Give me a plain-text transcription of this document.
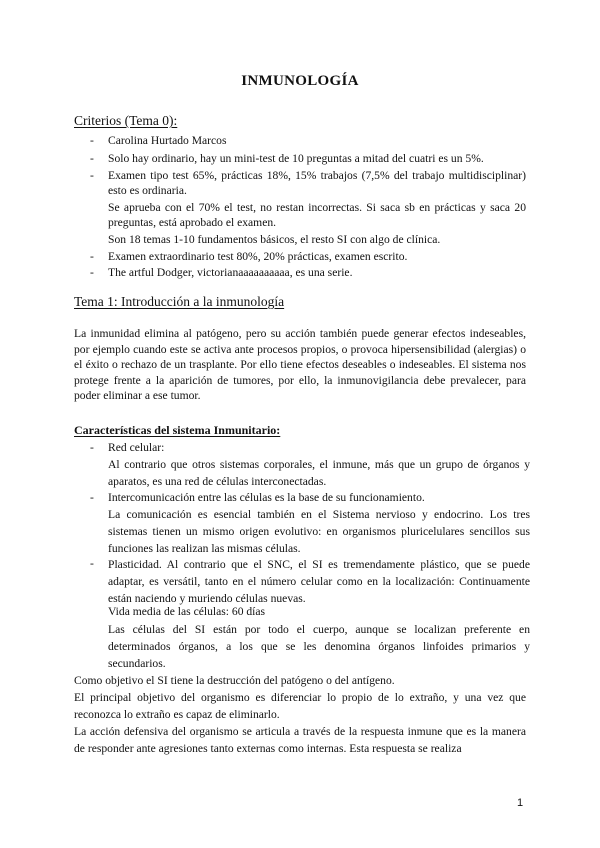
INMUNOLOGÍA
Criterios (Tema 0):
- Carolina Hurtado Marcos
- Solo hay ordinario, hay un mini-test de 10 preguntas a mitad del cuatri es un 5%.
- Examen tipo test 65%, prácticas 18%, 15% trabajos (7,5% del trabajo multidisciplinar) esto es ordinaria.
Se aprueba con el 70% el test, no restan incorrectas. Si saca sb en prácticas y saca 20 preguntas, está aprobado el examen.
Son 18 temas 1-10 fundamentos básicos, el resto SI con algo de clínica.
- Examen extraordinario test 80%, 20% prácticas, examen escrito.
- The artful Dodger, victorianaaaaaaaaaa, es una serie.
Tema 1: Introducción a la inmunología

La inmunidad elimina al patógeno, pero su acción también puede generar efectos indeseables, por ejemplo cuando este se activa ante procesos propios, o provoca hipersensibilidad (alergias) o el éxito o rechazo de un trasplante. Por ello tiene efectos deseables o indeseables. El sistema nos protege frente a la aparición de tumores, por ello, la inmunovigilancia debe prevalecer, para poder eliminar a ese tumor.

Características del sistema Inmunitario:
- Red celular:
Al contrario que otros sistemas corporales, el inmune, más que un grupo de órganos y aparatos, es una red de células interconectadas.
- Intercomunicación entre las células es la base de su funcionamiento.
La comunicación es esencial también en el Sistema nervioso y endocrino. Los tres sistemas tienen un mismo origen evolutivo: en organismos pluricelulares sencillos sus funciones las realizan las mismas células.
- Plasticidad. Al contrario que el SNC, el SI es tremendamente plástico, que se puede adaptar, es versátil, tanto en el número celular como en la localización: Continuamente están naciendo y muriendo células nuevas.
Vida media de las células: 60 días
Las células del SI están por todo el cuerpo, aunque se localizan preferente en determinados órganos, a los que se les denomina órganos linfoides primarios y secundarios.
Como objetivo el SI tiene la destrucción del patógeno o del antígeno.
El principal objetivo del organismo es diferenciar lo propio de lo extraño, y una vez que reconozca lo extraño es capaz de eliminarlo.
La acción defensiva del organismo se articula a través de la respuesta inmune que es la manera de responder ante agresiones tanto externas como internas. Esta respuesta se realiza
1
